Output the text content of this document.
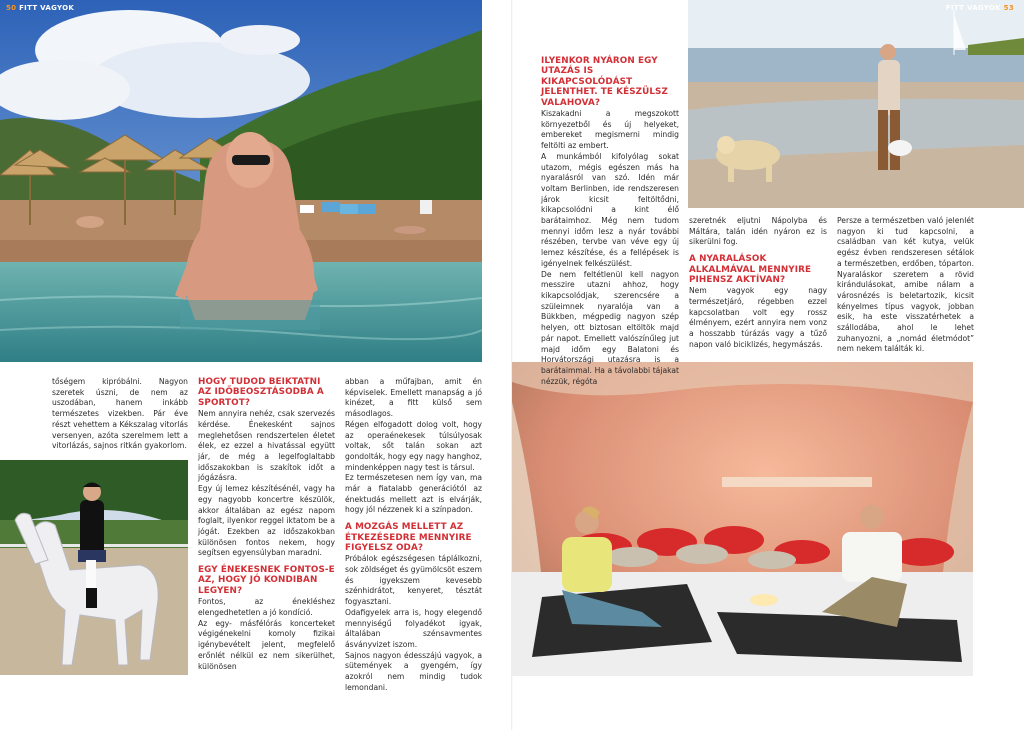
50 FITT VAGYOK	FITT VAGYOK 53

tőségem kipróbálni. Nagyon szeretek úszni, de nem az uszodában, hanem inkább természetes vizekben. Pár éve részt vehettem a Kékszalag vitorlás versenyen, azóta szerelmem lett a vitorlázás, sajnos ritkán gyakorlom.

HOGY TUDOD BEIKTATNI AZ IDŐBEOSZTÁSODBA A SPORTOT?

Nem annyira nehéz, csak szervezés kérdése. Énekesként sajnos meglehetősen rendszertelen életet élek, ez ezzel a hivatással együtt jár, de még a legelfoglaltabb időszakokban is szakítok időt a jógázásra.

Egy új lemez készítésénél, vagy ha egy nagyobb koncertre készülök, akkor általában az egész napom foglalt, ilyenkor reggel iktatom be a jógát. Ezekben az időszakokban különösen fontos nekem, hogy segítsen egyensúlyban maradni.

EGY ÉNEKESNEK FONTOS-E AZ, HOGY JÓ KONDIBAN LEGYEN?

Fontos, az énekléshez elengedhetetlen a jó kondíció.

Az egy- másfélórás koncerteket végigénekelni komoly fizikai igénybevételt jelent, megfelelő erőnlét nélkül ez nem sikerülhet, különösen

abban a műfajban, amit én képviselek. Emellett manapság a jó kinézet, a fitt külső sem másodlagos.

Régen elfogadott dolog volt, hogy az operaénekesek túlsúlyosak voltak, sőt talán sokan azt gondolták, hogy egy nagy hanghoz, mindenképpen nagy test is társul.

Ez természetesen nem így van, ma már a fiatalabb generációtól az énektudás mellett azt is elvárják, hogy jól nézzenek ki a színpadon.

A MOZGÁS MELLETT AZ ÉTKEZÉSEDRE MENNYIRE FIGYELSZ ODA?

Próbálok egészségesen táplálkozni, sok zöldséget és gyümölcsöt eszem és igyekszem kevesebb szénhidrátot, kenyeret, tésztát fogyasztani.

Odafigyelek arra is, hogy elegendő mennyiségű folyadékot igyak, általában szénsavmentes ásványvizet iszom.

Sajnos nagyon édesszájú vagyok, a sütemények a gyengém, így azokról nem mindig tudok lemondani.

ILYENKOR NYÁRON EGY UTAZÁS IS KIKAPCSOLÓDÁST JELENTHET. TE KÉSZÜLSZ VALAHOVA?

Kiszakadni a megszokott környezetből és új helyeket, embereket megismerni mindig feltölti az embert.

A munkámból kifolyólag sokat utazom, mégis egészen más ha nyaralásról van szó. Idén már voltam Berlinben, ide rendszeresen járok kicsit feltöltődni, kikapcsolódni a kint élő barátaimhoz. Még nem tudom mennyi időm lesz a nyár további részében, tervbe van véve egy új lemez készítése, és a fellépések is igényelnek felkészülést.

De nem feltétlenül kell nagyon messzire utazni ahhoz, hogy kikapcsolódjak, szerencsére a szüleimnek nyaralója van a Bükkben, mégpedig nagyon szép helyen, ott biztosan eltöltök majd pár napot. Emellett valószínűleg jut majd időm egy Balatoni és Horvátországi utazásra is a barátaimmal. Ha a távolabbi tájakat nézzük, régóta

szeretnék eljutni Nápolyba és Máltára, talán idén nyáron ez is sikerülni fog.

A NYARALÁSOK ALKALMÁVAL MENNYIRE PIHENSZ AKTÍVAN?

Nem vagyok egy nagy természetjáró, régebben ezzel kapcsolatban volt egy rossz élményem, ezért annyira nem vonz a hosszabb túrázás vagy a tűző napon való biciklizés, hegymászás.

Persze a természetben való jelenlét nagyon ki tud kapcsolni, a családban van két kutya, velük egész évben rendszeresen sétálok a természetben, erdőben, tóparton. Nyaraláskor szeretem a rövid kirándulásokat, amibe nálam a városnézés is beletartozik, kicsit kényelmes típus vagyok, jobban esik, ha este visszatérhetek a szállodába, ahol le lehet zuhanyozni, a „nomád életmódot” nem nekem találták ki.
